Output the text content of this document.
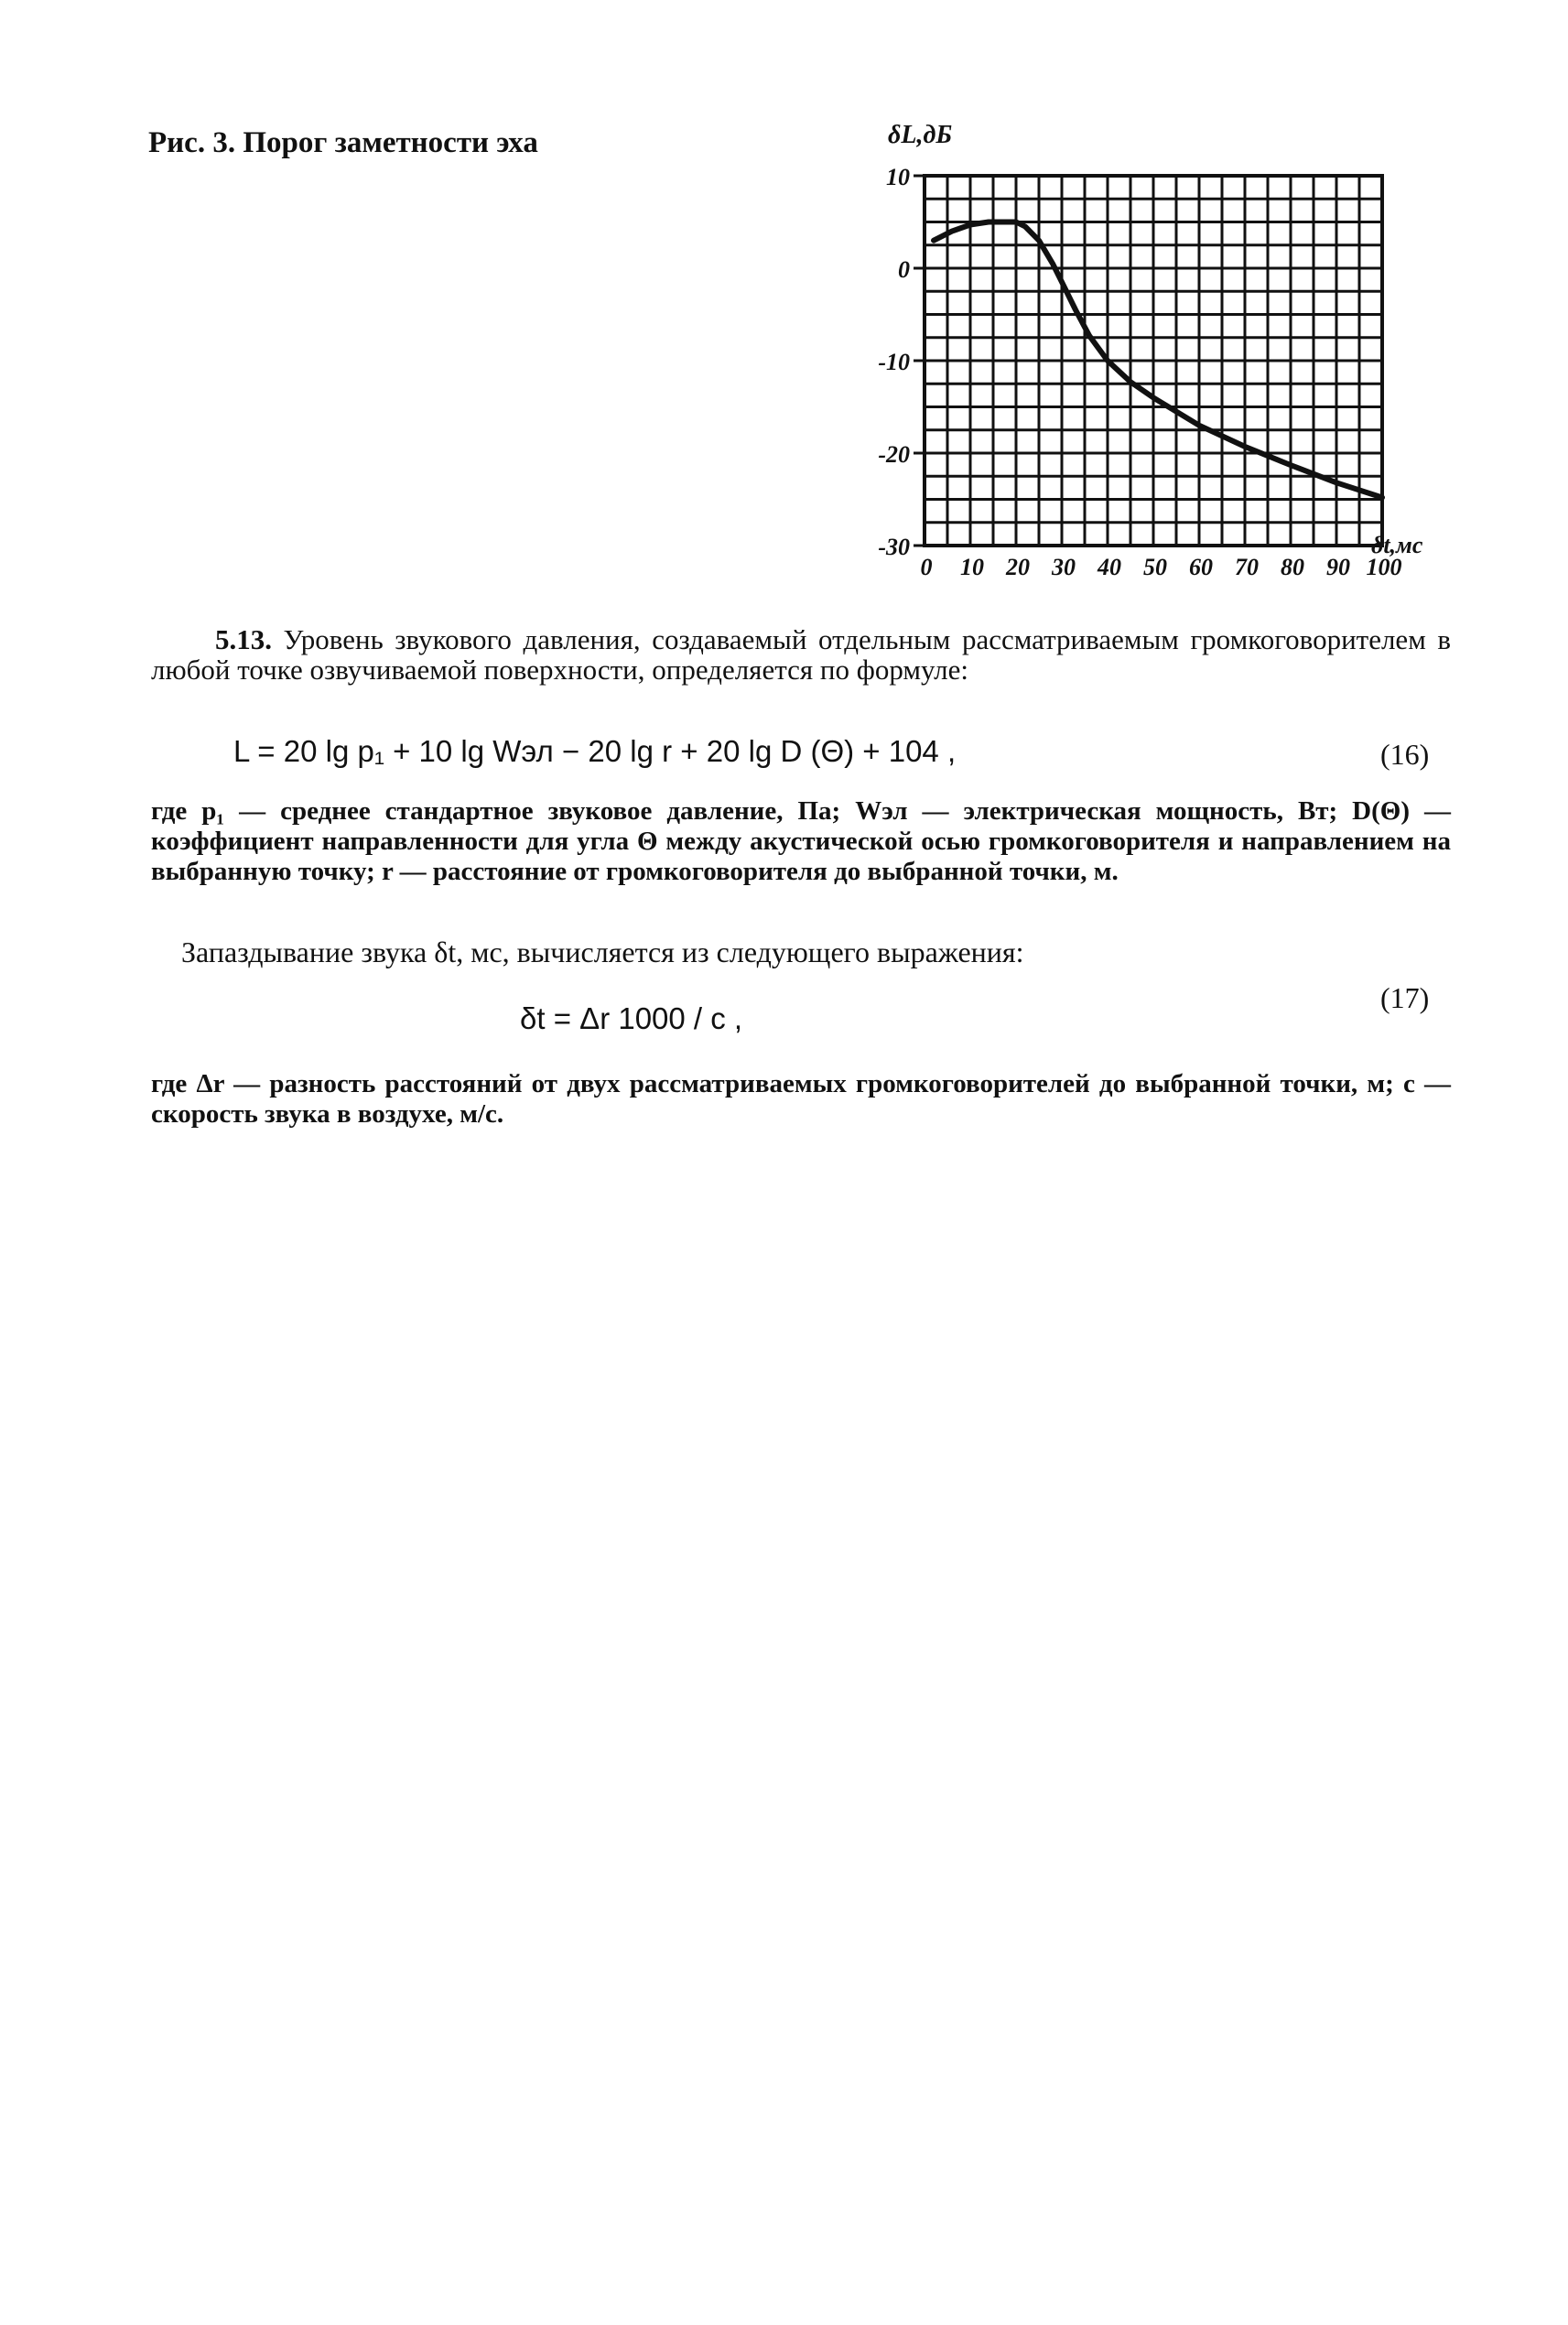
Рис. 3. Порог заметности эха
10
0
-10
-20
-30
0 10 20 30 40 50 60 70 80 90 100
δL,дБ
δt,мс
5.13. Уровень звукового давления, создаваемый отдельным рассматриваемым громкоговорителем в любой точке озвучиваемой поверхности, определяется по формуле:
L = 20 lg p₁ + 10 lg Wэл − 20 lg r + 20 lg D (Θ) + 104 ,	(16)
где p₁ — среднее стандартное звуковое давление, Па; Wэл — электрическая мощность, Вт; D(Θ) — коэффициент направленности для угла Θ между акустической осью громкоговорителя и направлением на выбранную точку; r — расстояние от громкоговорителя до выбранной точки, м.
Запаздывание звука δt, мс, вычисляется из следующего выражения:
δt = Δr 1000 / c ,
(17)
где Δr — разность расстояний от двух рассматриваемых громкоговорителей до выбранной точки, м; c — скорость звука в воздухе, м/с.
